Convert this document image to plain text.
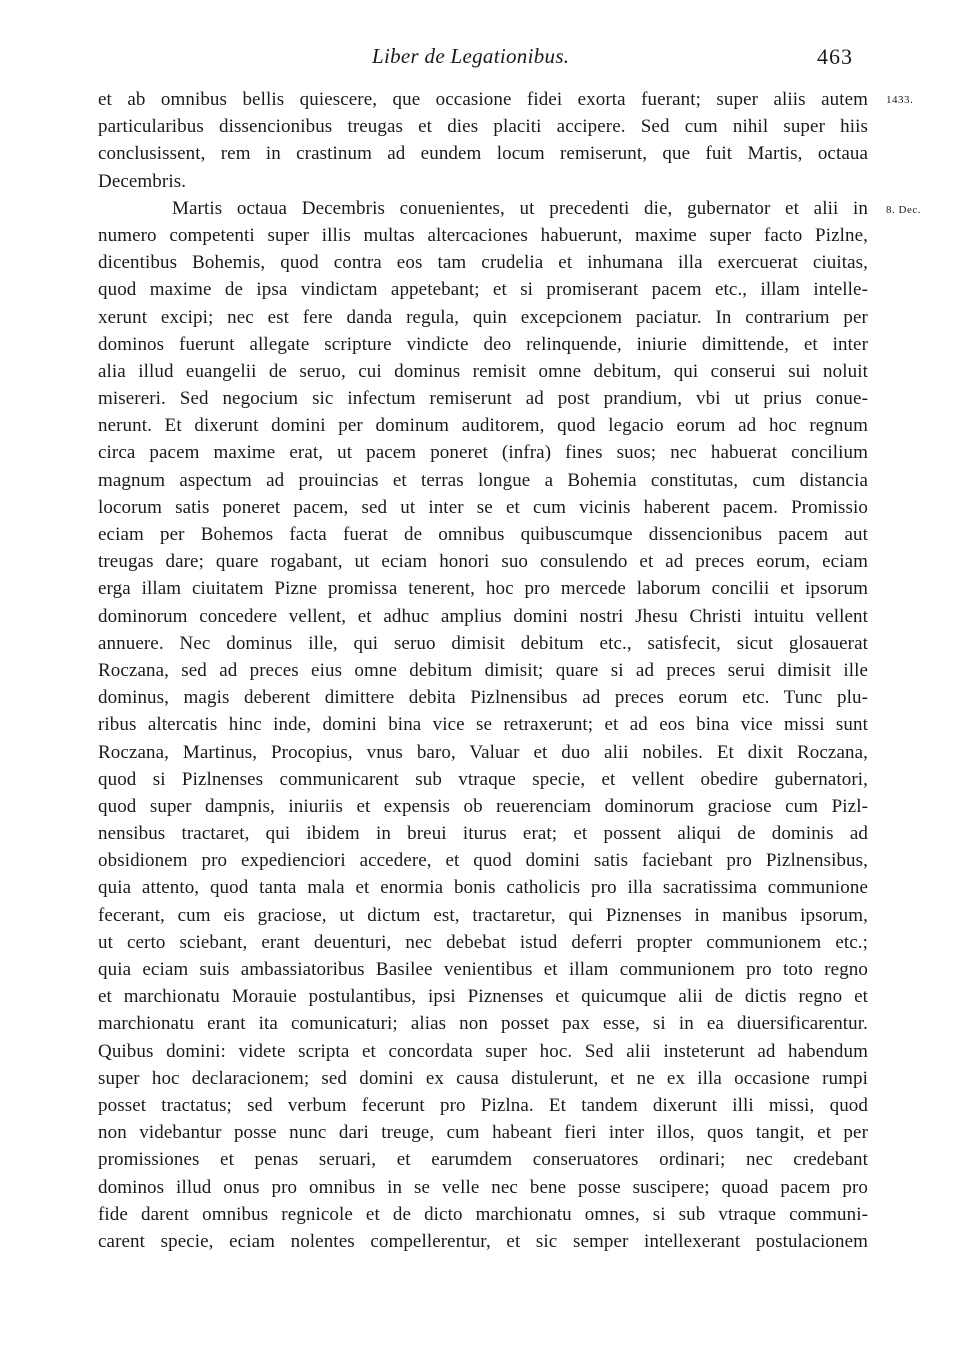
Liber de Legationibus.	463
1433.
8. Dec.
et ab omnibus bellis quiescere, que occasione fidei exorta fuerant; super aliis autem
particularibus dissencionibus treugas et dies placiti accipere. Sed cum nihil super hiis
conclusissent, rem in crastinum ad eundem locum remiserunt, que fuit Martis, octaua
Decembris.
Martis octaua Decembris conuenientes, ut precedenti die, gubernator et alii in
numero competenti super illis multas altercaciones habuerunt, maxime super facto Pizlne,
dicentibus Bohemis, quod contra eos tam crudelia et inhumana illa exercuerat ciuitas,
quod maxime de ipsa vindictam appetebant; et si promiserant pacem etc., illam intelle-
xerunt excipi; nec est fere danda regula, quin excepcionem paciatur. In contrarium per
dominos fuerunt allegate scripture vindicte deo relinquende, iniurie dimittende, et inter
alia illud euangelii de seruo, cui dominus remisit omne debitum, qui conserui sui noluit
misereri. Sed negocium sic infectum remiserunt ad post prandium, vbi ut prius conue-
nerunt. Et dixerunt domini per dominum auditorem, quod legacio eorum ad hoc regnum
circa pacem maxime erat, ut pacem poneret (infra) fines suos; nec habuerat concilium
magnum aspectum ad prouincias et terras longue a Bohemia constitutas, cum distancia
locorum satis poneret pacem, sed ut inter se et cum vicinis haberent pacem. Promissio
eciam per Bohemos facta fuerat de omnibus quibuscumque dissencionibus pacem aut
treugas dare; quare rogabant, ut eciam honori suo consulendo et ad preces eorum, eciam
erga illam ciuitatem Pizne promissa tenerent, hoc pro mercede laborum concilii et ipsorum
dominorum concedere vellent, et adhuc amplius domini nostri Jhesu Christi intuitu vellent
annuere. Nec dominus ille, qui seruo dimisit debitum etc., satisfecit, sicut glosauerat
Roczana, sed ad preces eius omne debitum dimisit; quare si ad preces serui dimisit ille
dominus, magis deberent dimittere debita Pizlnensibus ad preces eorum etc. Tunc plu-
ribus altercatis hinc inde, domini bina vice se retraxerunt; et ad eos bina vice missi sunt
Roczana, Martinus, Procopius, vnus baro, Valuar et duo alii nobiles. Et dixit Roczana,
quod si Pizlnenses communicarent sub vtraque specie, et vellent obedire gubernatori,
quod super dampnis, iniuriis et expensis ob reuerenciam dominorum graciose cum Pizl-
nensibus tractaret, qui ibidem in breui iturus erat; et possent aliqui de dominis ad
obsidionem pro expedienciori accedere, et quod domini satis faciebant pro Pizlnensibus,
quia attento, quod tanta mala et enormia bonis catholicis pro illa sacratissima communione
fecerant, cum eis graciose, ut dictum est, tractaretur, qui Piznenses in manibus ipsorum,
ut certo sciebant, erant deuenturi, nec debebat istud deferri propter communionem etc.;
quia eciam suis ambassiatoribus Basilee venientibus et illam communionem pro toto regno
et marchionatu Morauie postulantibus, ipsi Piznenses et quicumque alii de dictis regno et
marchionatu erant ita comunicaturi; alias non posset pax esse, si in ea diuersificarentur.
Quibus domini: videte scripta et concordata super hoc. Sed alii insteterunt ad habendum
super hoc declaracionem; sed domini ex causa distulerunt, et ne ex illa occasione rumpi
posset tractatus; sed verbum fecerunt pro Pizlna. Et tandem dixerunt illi missi, quod
non videbantur posse nunc dari treuge, cum habeant fieri inter illos, quos tangit, et per
promissiones et penas seruari, et earumdem conseruatores ordinari; nec credebant
dominos illud onus pro omnibus in se velle nec bene posse suscipere; quoad pacem pro
fide darent omnibus regnicole et de dicto marchionatu omnes, si sub vtraque communi-
carent specie, eciam nolentes compellerentur, et sic semper intellexerant postulacionem
